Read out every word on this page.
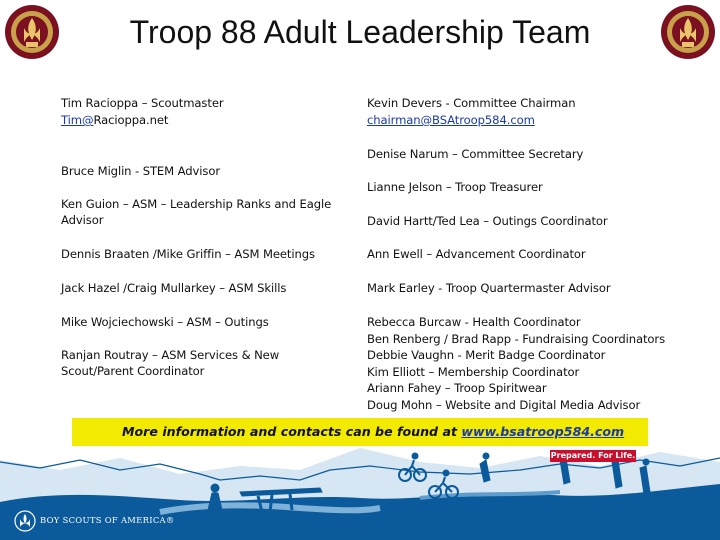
Troop 88 Adult Leadership Team

Tim Racioppa – Scoutmaster

Tim@Racioppa.net

Bruce Miglin - STEM Advisor

Ken Guion – ASM – Leadership Ranks and Eagle

Advisor

Dennis Braaten /Mike Griffin – ASM Meetings

Jack Hazel /Craig Mullarkey – ASM Skills

Mike Wojciechowski – ASM – Outings

Ranjan Routray – ASM Services & New

Scout/Parent Coordinator

Kevin Devers - Committee Chairman

chairman@BSAtroop584.com

Denise Narum – Committee Secretary

Lianne Jelson – Troop Treasurer

David Hartt/Ted Lea – Outings Coordinator

Ann Ewell – Advancement Coordinator

Mark Earley - Troop Quartermaster Advisor

Rebecca Burcaw - Health Coordinator

Ben Renberg / Brad Rapp - Fundraising Coordinators

Debbie Vaughn - Merit Badge Coordinator

Kim Elliott – Membership Coordinator

Ariann Fahey – Troop Spiritwear

Doug Mohn – Website and Digital Media Advisor

BOY SCOUTS OF AMERICA®
Prepared. For Life.
More information and contacts can be found at www.bsatroop584.com
